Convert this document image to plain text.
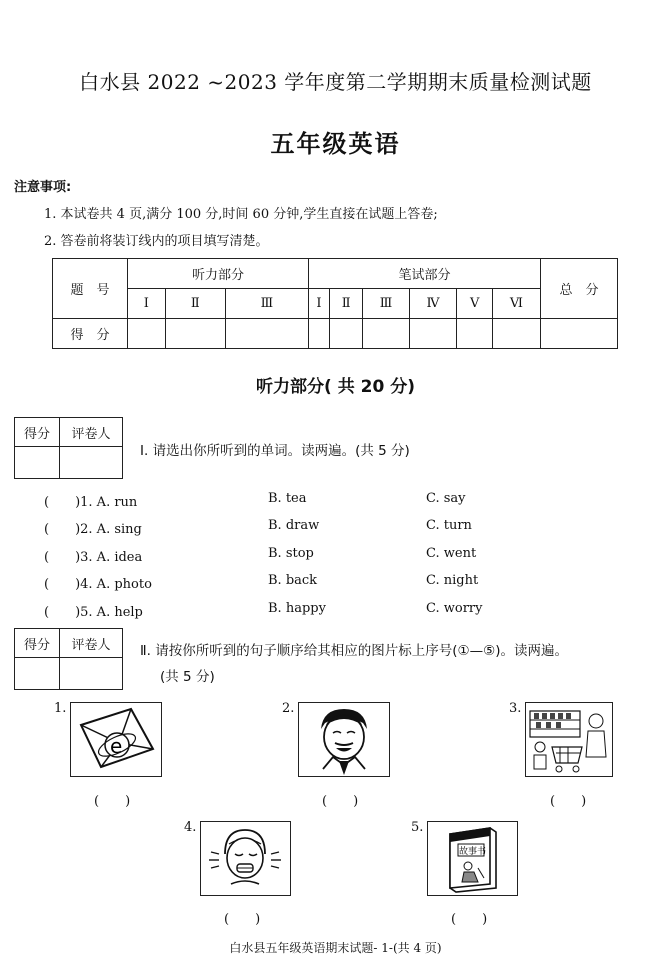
白水县 2022 ~2023 学年度第二学期期末质量检测试题
五年级英语
注意事项:
1. 本试卷共 4 页,满分 100 分,时间 60 分钟,学生直接在试题上答卷;
2. 答卷前将装订线内的项目填写清楚。
题　号	听力部分			笔试部分						总　分
	Ⅰ	Ⅱ	Ⅲ	Ⅰ	Ⅱ	Ⅲ	Ⅳ	Ⅴ	Ⅵ	
得　分										
听力部分( 共 20 分)
得分	评卷人

Ⅰ. 请选出你所听到的单词。读两遍。(共 5 分)
(　　)1. A. run	B. tea	C. say
(　　)2. A. sing	B. draw	C. turn
(　　)3. A. idea	B. stop	C. went
(　　)4. A. photo	B. back	C. night
(　　)5. A. help	B. happy	C. worry
得分	评卷人
	Ⅱ. 请按你所听到的句子顺序给其相应的图片标上序号(①—⑤)。读两遍。
(共 5 分)
1.
e
(　　)
2.
(　　)
3.
(　　)
4.
(　　)
5.
故事书
(　　)
白水县五年级英语期末试题- 1-(共 4 页)
